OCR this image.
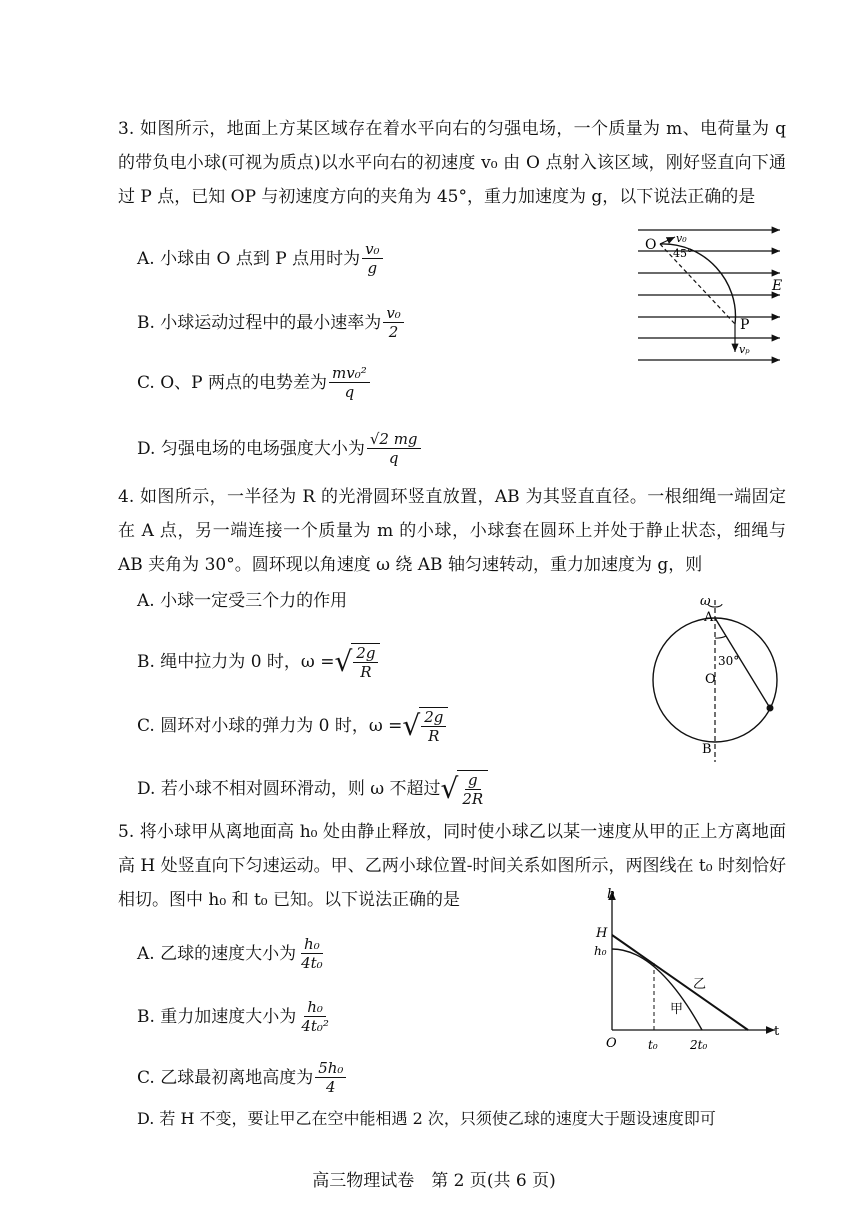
3. 如图所示，地面上方某区域存在着水平向右的匀强电场，一个质量为 m、电荷量为 q 的带负电小球(可视为质点)以水平向右的初速度 v₀ 由 O 点射入该区域，刚好竖直向下通过 P 点，已知 OP 与初速度方向的夹角为 45°，重力加速度为 g，以下说法正确的是

A. 小球由 O 点到 P 点用时为 $\frac{\text{v₀}}{g}$
B. 小球运动过程中的最小速率为 $\frac{\text{v₀}}{2}$
C. O、P 两点的电势差为 $\frac{\text{mv₀²}}{q}$
D. 匀强电场的电场强度大小为 $\frac{√2 mg}{q}$
O v₀
45°
E
P
vₚ

4. 如图所示，一半径为 R 的光滑圆环竖直放置，AB 为其竖直直径。一根细绳一端固定在 A 点，另一端连接一个质量为 m 的小球，小球套在圆环上并处于静止状态，细绳与 AB 夹角为 30°。圆环现以角速度 ω 绕 AB 轴匀速转动，重力加速度为 g，则

A. 小球一定受三个力的作用
B. 绳中拉力为 0 时，ω = √ $\frac{2g}{R}$
C. 圆环对小球的弹力为 0 时，ω = √ $\frac{2g}{R}$
D. 若小球不相对圆环滑动，则 ω 不超过 √ $\frac{g}{2R}$
ω
A
30°
O
B

5. 将小球甲从离地面高 h₀ 处由静止释放，同时使小球乙以某一速度从甲的正上方离地面高 H 处竖直向下匀速运动。甲、乙两小球位置-时间关系如图所示，两图线在 t₀ 时刻恰好相切。图中 h₀ 和 t₀ 已知。以下说法正确的是

A. 乙球的速度大小为 $\frac{\text{h₀}}{\text{4t₀}}$
B. 重力加速度大小为 $\frac{\text{h₀}}{\text{4t₀²}}$
C. 乙球最初离地高度为 $\frac{\text{5h₀}}{4}$
D. 若 H 不变，要让甲乙在空中能相遇 2 次，只须使乙球的速度大于题设速度即可
h
H
h₀
乙
甲
O	t₀	2t₀
t
高三物理试卷　第 2 页(共 6 页)
